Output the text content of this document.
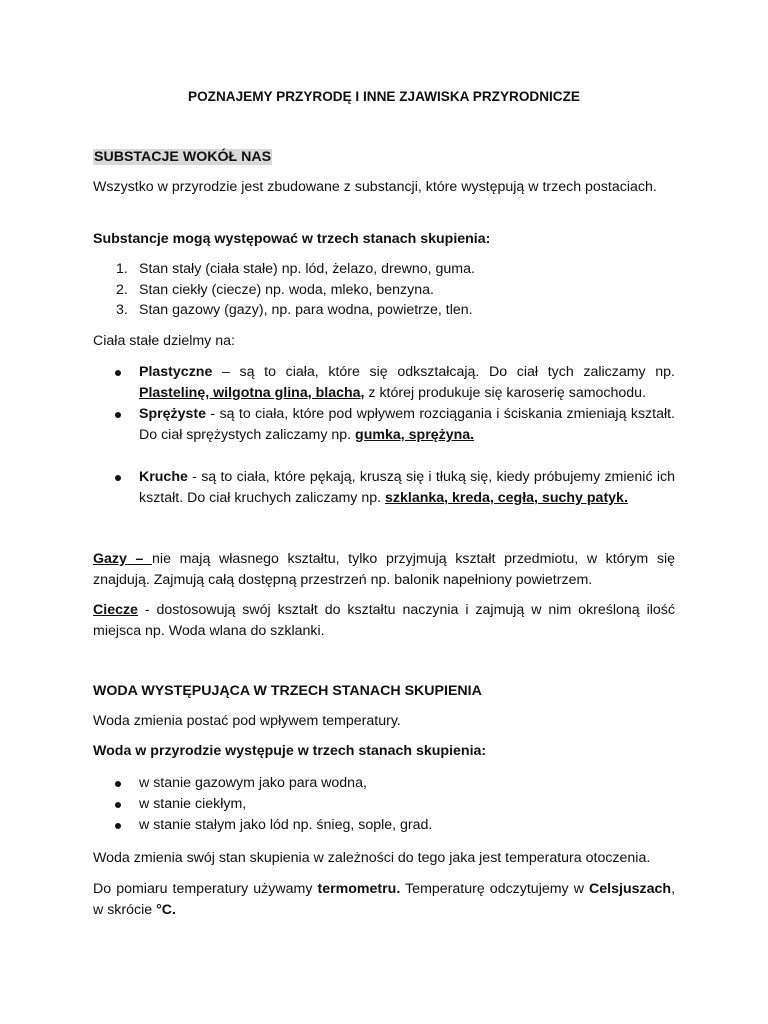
POZNAJEMY PRZYRODĘ I INNE ZJAWISKA PRZYRODNICZE
SUBSTACJE WOKÓŁ NAS
Wszystko w przyrodzie jest zbudowane z substancji, które występują w trzech postaciach.
Substancje mogą występować w trzech stanach skupienia:
1. Stan stały (ciała stałe) np. lód, żelazo, drewno, guma.
2. Stan ciekły (ciecze) np. woda, mleko, benzyna.
3. Stan gazowy (gazy), np. para wodna, powietrze, tlen.
Ciała stałe dzielmy na:
Plastyczne – są to ciała, które się odkształcają. Do ciał tych zaliczamy np. Plastelinę, wilgotna glina, blacha, z której produkuje się karoserię samochodu.
Sprężyste - są to ciała, które pod wpływem rozciągania i ściskania zmieniają kształt. Do ciał sprężystych zaliczamy np. gumka, sprężyna.
Kruche - są to ciała, które pękają, kruszą się i tłuką się, kiedy próbujemy zmienić ich kształt. Do ciał kruchych zaliczamy np. szklanka, kreda, cegła, suchy patyk.
Gazy – nie mają własnego kształtu, tylko przyjmują kształt przedmiotu, w którym się znajdują. Zajmują całą dostępną przestrzeń np. balonik napełniony powietrzem.
Ciecze - dostosowują swój kształt do kształtu naczynia i zajmują w nim określoną ilość miejsca np. Woda wlana do szklanki.
WODA WYSTĘPUJĄCA W TRZECH STANACH SKUPIENIA
Woda zmienia postać pod wpływem temperatury.
Woda w przyrodzie występuje w trzech stanach skupienia:
w stanie gazowym jako para wodna,
w stanie ciekłym,
w stanie stałym jako lód np. śnieg, sople, grad.
Woda zmienia swój stan skupienia w zależności do tego jaka jest temperatura otoczenia.
Do pomiaru temperatury używamy termometru. Temperaturę odczytujemy w Celsjuszach, w skrócie °C.
